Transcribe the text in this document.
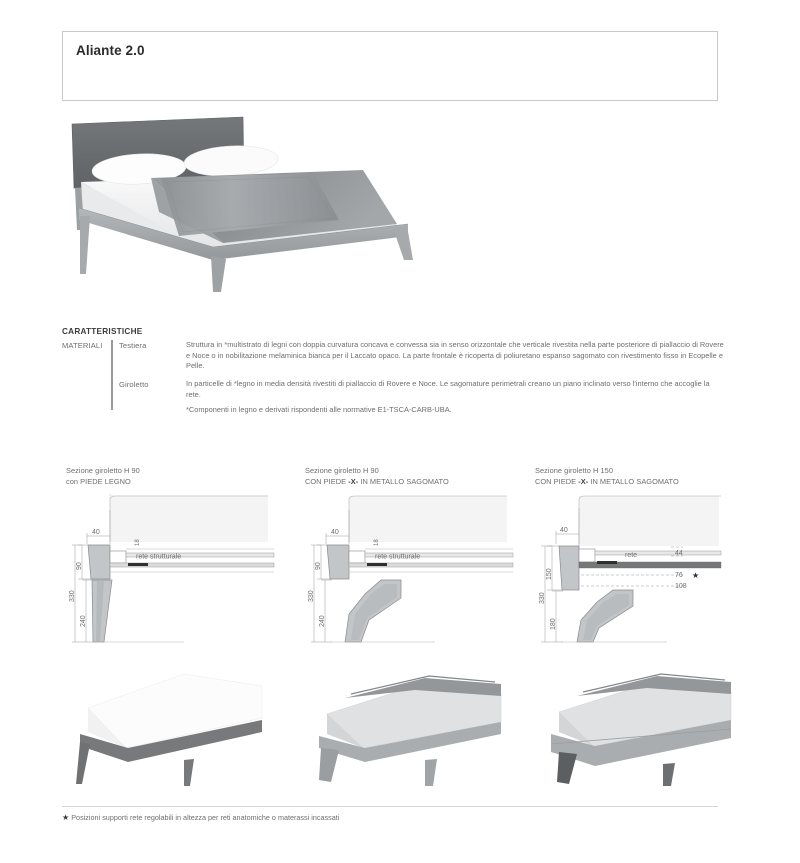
Aliante 2.0
CARATTERISTICHE
MATERIALI Testiera
Giroletto
Struttura in *multistrato di legni con doppia curvatura concava e convessa sia in senso orizzontale che verticale rivestita nella parte posteriore di piallaccio di Rovere e Noce o in nobilitazione melaminica bianca per il Laccato opaco. La parte frontale è ricoperta di poliuretano espanso sagomato con rivestimento fisso in Ecopelle e Pelle.
In particelle di *legno in media densità rivestiti di piallaccio di Rovere e Noce. Le sagomature perimetrali creano un piano inclinato verso l'interno che accoglie la rete.
*Componenti in legno e derivati rispondenti alle normative E1-TSCA-CARB-UBA.
Sezione giroletto H 90
con PIEDE LEGNO
40
rete strutturale
18
90
240
330
Sezione giroletto H 90
CON PIEDE -X- IN METALLO SAGOMATO
40
rete strutturale
18
90
240
330
Sezione giroletto H 150
CON PIEDE -X- IN METALLO SAGOMATO
40
rete	44
76 ★
108
150
180
330
★ Posizioni supporti rete regolabili in altezza per reti anatomiche o materassi incassati
